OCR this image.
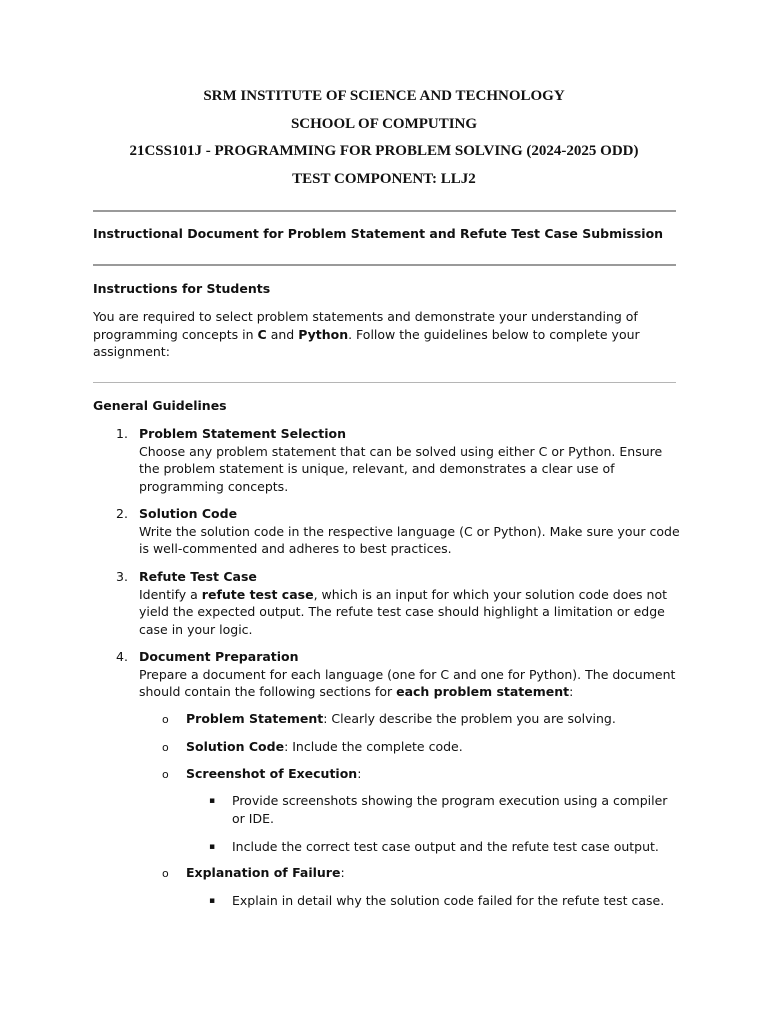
SRM INSTITUTE OF SCIENCE AND TECHNOLOGY
SCHOOL OF COMPUTING
21CSS101J - PROGRAMMING FOR PROBLEM SOLVING (2024-2025 ODD)
TEST COMPONENT: LLJ2
Instructional Document for Problem Statement and Refute Test Case Submission
Instructions for Students
You are required to select problem statements and demonstrate your understanding of programming concepts in C and Python. Follow the guidelines below to complete your assignment:
General Guidelines
1. Problem Statement Selection
Choose any problem statement that can be solved using either C or Python. Ensure the problem statement is unique, relevant, and demonstrates a clear use of programming concepts.
2. Solution Code
Write the solution code in the respective language (C or Python). Make sure your code is well-commented and adheres to best practices.
3. Refute Test Case
Identify a refute test case, which is an input for which your solution code does not yield the expected output. The refute test case should highlight a limitation or edge case in your logic.
4. Document Preparation
Prepare a document for each language (one for C and one for Python). The document should contain the following sections for each problem statement:
o Problem Statement: Clearly describe the problem you are solving.
o Solution Code: Include the complete code.
o Screenshot of Execution:
▪ Provide screenshots showing the program execution using a compiler or IDE.
▪ Include the correct test case output and the refute test case output.
o Explanation of Failure:
▪ Explain in detail why the solution code failed for the refute test case.
